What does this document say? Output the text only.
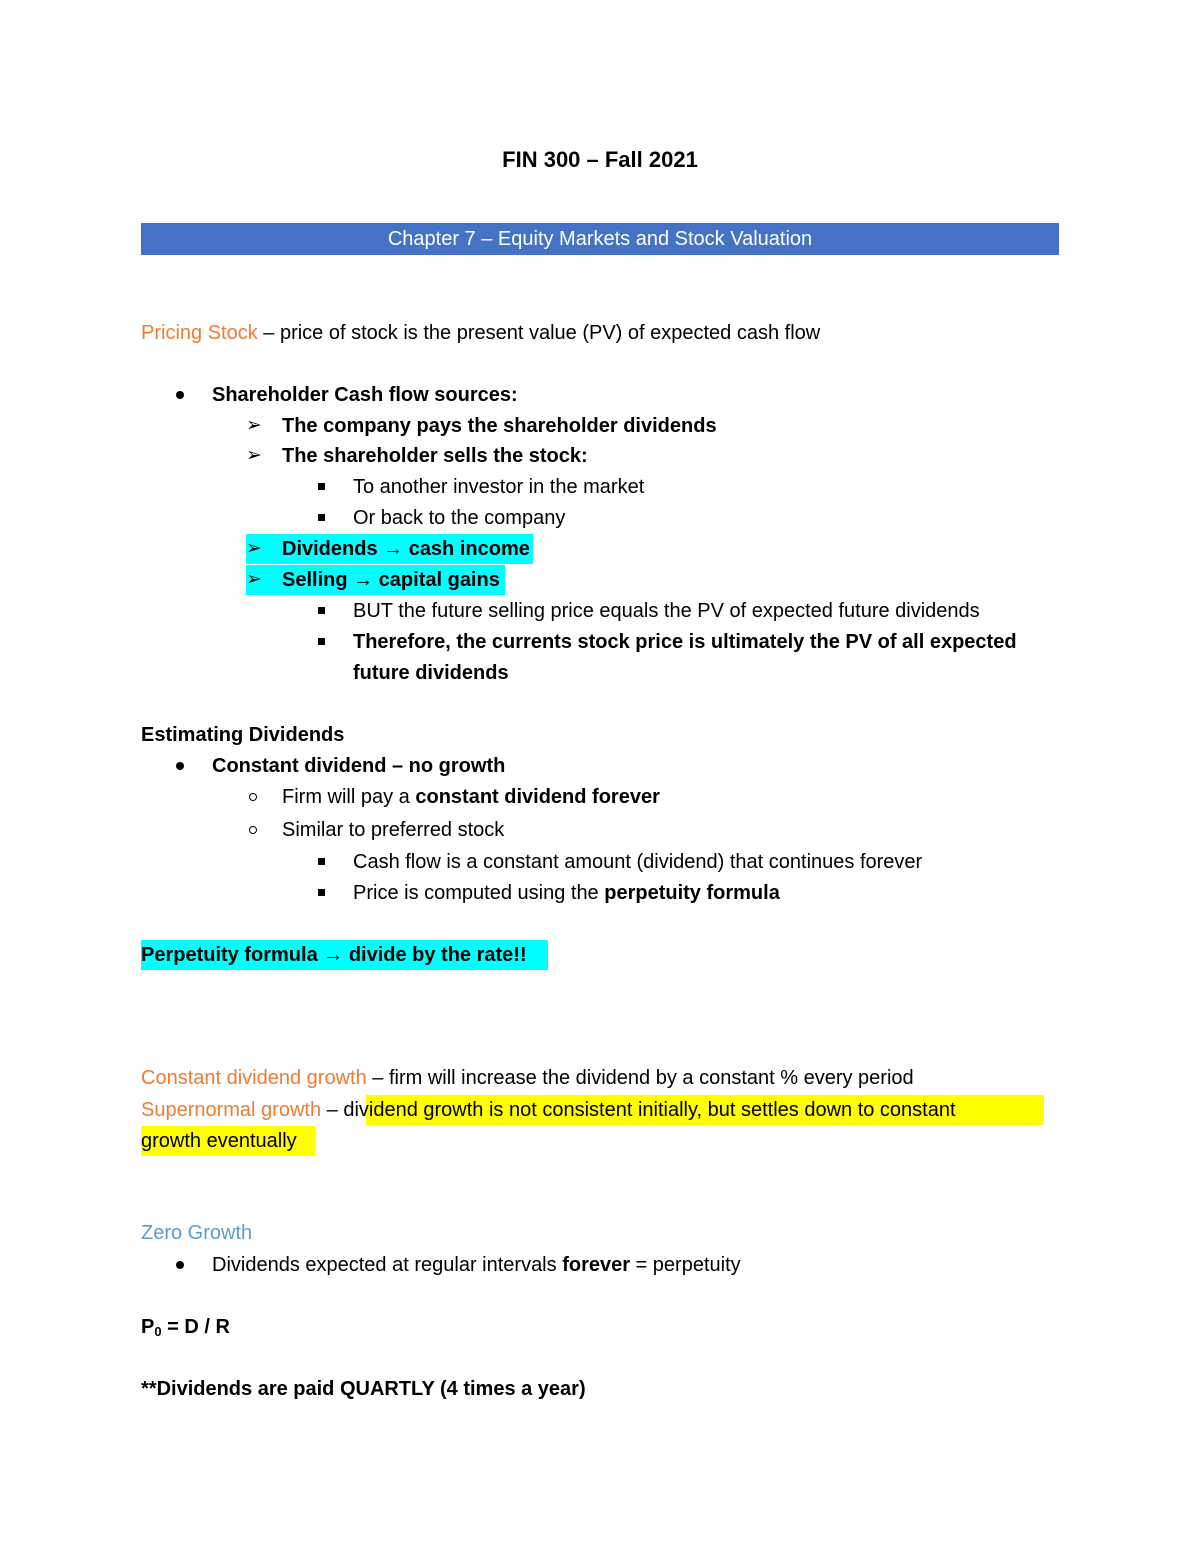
FIN 300 – Fall 2021
Chapter 7 – Equity Markets and Stock Valuation
Pricing Stock – price of stock is the present value (PV) of expected cash flow
Shareholder Cash flow sources:
➢ The company pays the shareholder dividends
➢ The shareholder sells the stock:
To another investor in the market
Or back to the company
➢ Dividends → cash income
➢ Selling → capital gains
BUT the future selling price equals the PV of expected future dividends
Therefore, the currents stock price is ultimately the PV of all expected
future dividends
Estimating Dividends
Constant dividend – no growth
Firm will pay a constant dividend forever
Similar to preferred stock
Cash flow is a constant amount (dividend) that continues forever
Price is computed using the perpetuity formula
Perpetuity formula → divide by the rate!!
Constant dividend growth – firm will increase the dividend by a constant % every period
Supernormal growth – dividend growth is not consistent initially, but settles down to constant
growth eventually
Zero Growth
Dividends expected at regular intervals forever = perpetuity
$P_0 = D / R$
**Dividends are paid QUARTLY (4 times a year)
